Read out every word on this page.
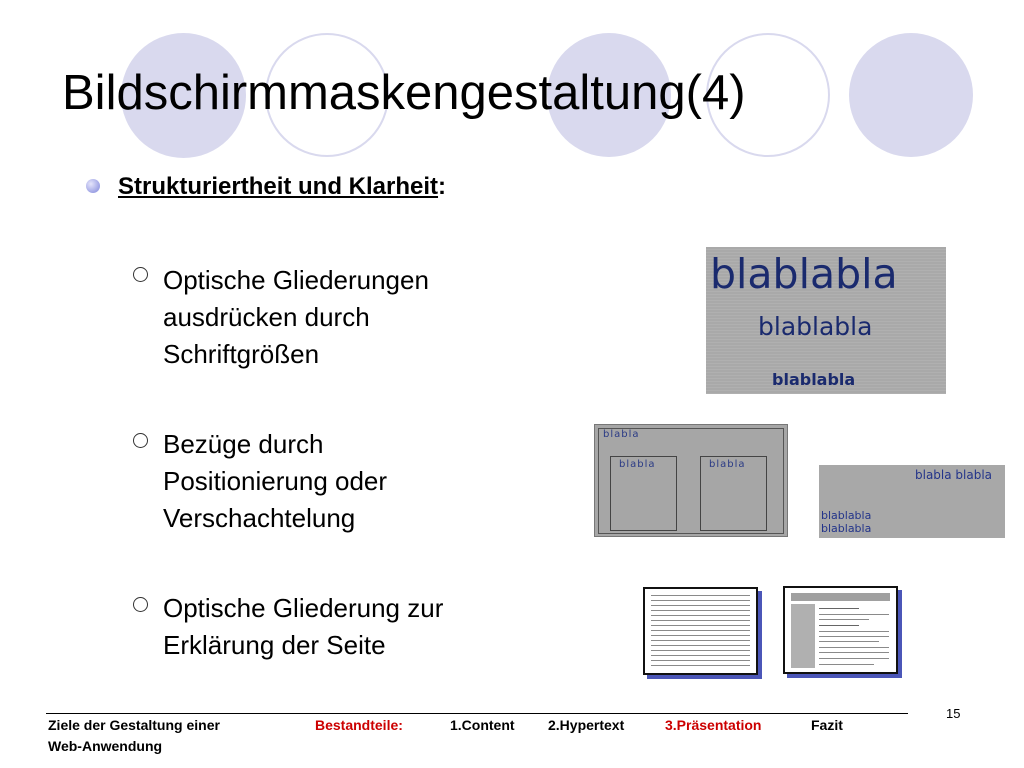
Bildschirmmaskengestaltung(4)
Strukturiertheit und Klarheit:
Optische Gliederungen
ausdrücken durch
Schriftgrößen
Bezüge durch
Positionierung oder
Verschachtelung
Optische Gliederung zur
Erklärung der Seite
blablabla
blablabla
blablabla
blabla
blabla	blabla
blabla blabla
blablabla
blablabla
15
Ziele der Gestaltung einer
Web-Anwendung
Bestandteile:	1.Content 2.Hypertext	3.Präsentation	Fazit
